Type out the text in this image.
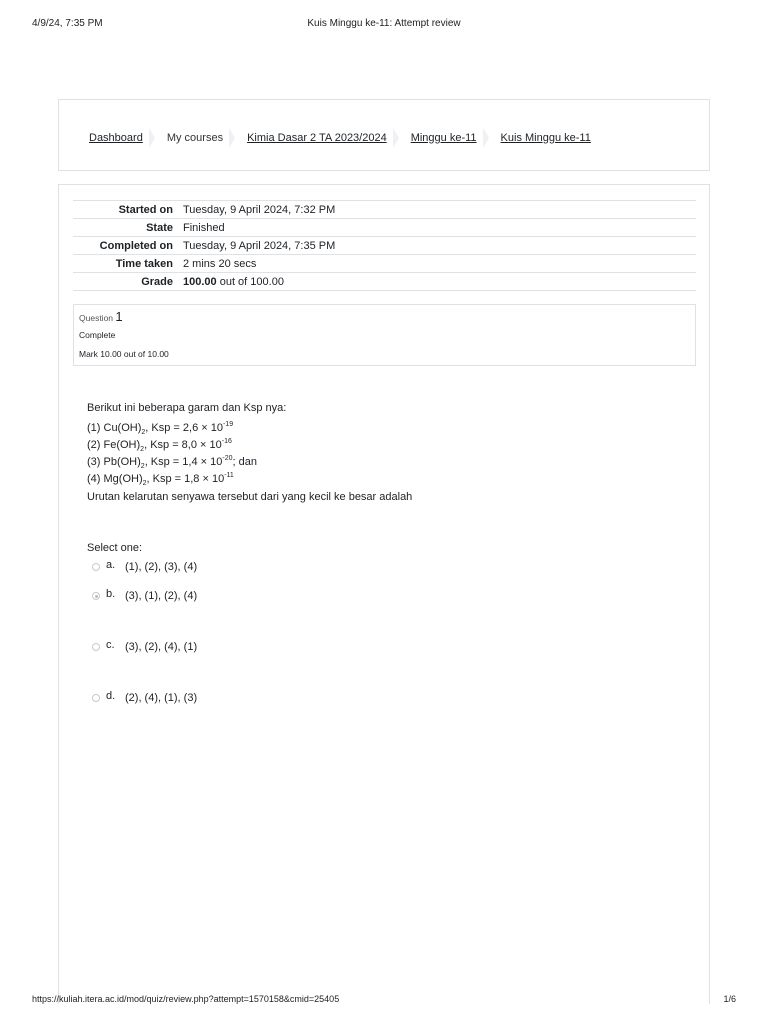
4/9/24, 7:35 PM	Kuis Minggu ke-11: Attempt review
Dashboard My courses Kimia Dasar 2 TA 2023/2024 Minggu ke-11 Kuis Minggu ke-11
Started on	Tuesday, 9 April 2024, 7:32 PM
State	Finished
Completed on	Tuesday, 9 April 2024, 7:35 PM
Time taken	2 mins 20 secs
Grade	100.00 out of 100.00
Question 1
Complete
Mark 10.00 out of 10.00
Berikut ini beberapa garam dan Ksp nya:
(1) $Cu(OH)_2$, Ksp = $2,6 \times 10^{-19}$
(2) $Fe(OH)_2$, Ksp = $8,0 \times 10^{-16}$
(3) $Pb(OH)_2$, Ksp = $1,4 \times 10^{-20}$; dan
(4) $Mg(OH)_2$, Ksp = $1,8 \times 10^{-11}$
Urutan kelarutan senyawa tersebut dari yang kecil ke besar adalah
Select one:
a. (1), (2), (3), (4)
b. (3), (1), (2), (4)
c. (3), (2), (4), (1)
d. (2), (4), (1), (3)
https://kuliah.itera.ac.id/mod/quiz/review.php?attempt=1570158&cmid=25405	1/6
